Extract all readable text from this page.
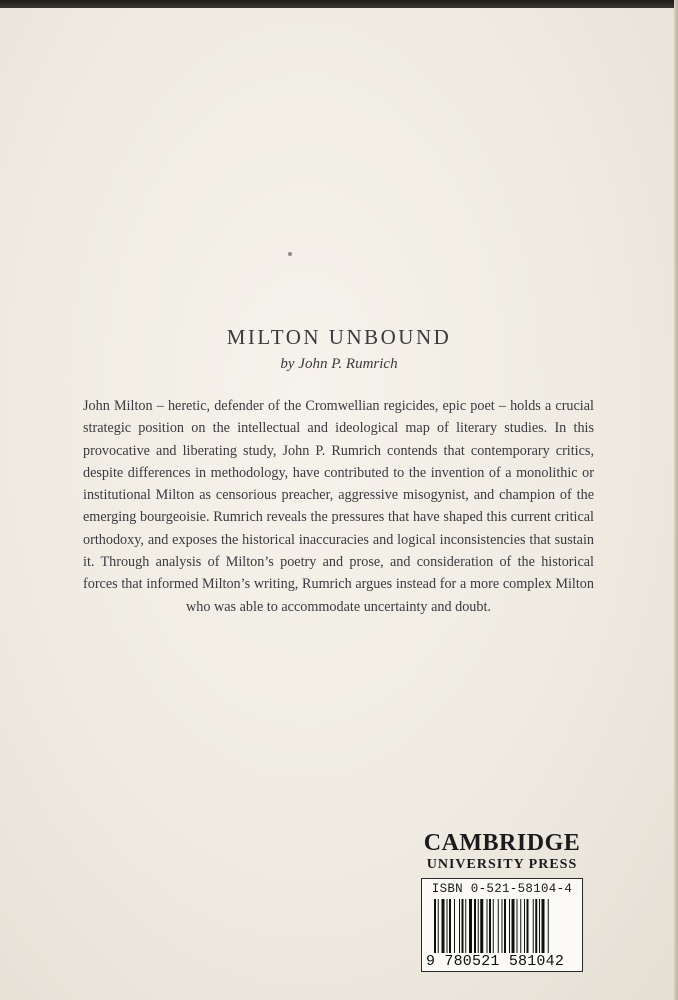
MILTON UNBOUND
by John P. Rumrich
John Milton – heretic, defender of the Cromwellian regicides, epic poet – holds a crucial strategic position on the intellectual and ideological map of literary studies. In this provocative and liberating study, John P. Rumrich contends that contemporary critics, despite differences in methodology, have contributed to the invention of a monolithic or institutional Milton as censorious preacher, aggressive misogynist, and champion of the emerging bourgeoisie. Rumrich reveals the pressures that have shaped this current critical orthodoxy, and exposes the historical inaccuracies and logical inconsistencies that sustain it. Through analysis of Milton’s poetry and prose, and consideration of the historical forces that informed Milton’s writing, Rumrich argues instead for a more complex Milton who was able to accommodate uncertainty and doubt.
CAMBRIDGE
UNIVERSITY PRESS
ISBN 0-521-58104-4
9 780521 581042
